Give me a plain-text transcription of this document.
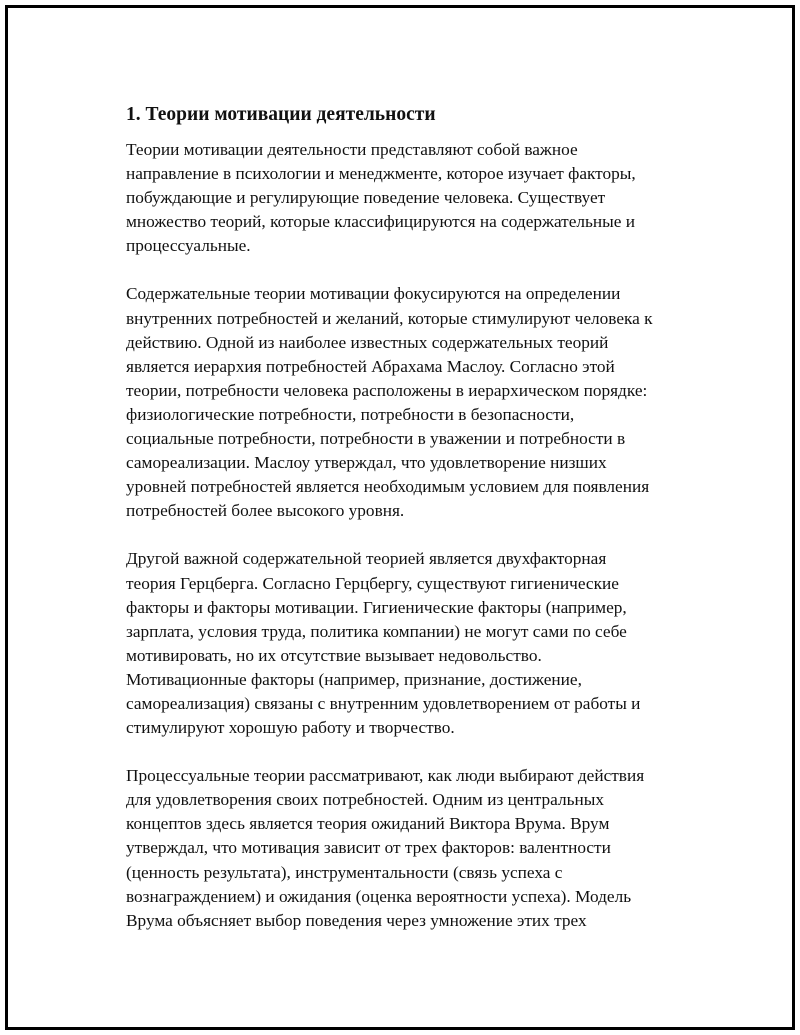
1. Теории мотивации деятельности

Теории мотивации деятельности представляют собой важное
направление в психологии и менеджменте, которое изучает факторы,
побуждающие и регулирующие поведение человека. Существует
множество теорий, которые классифицируются на содержательные и
процессуальные.

Содержательные теории мотивации фокусируются на определении
внутренних потребностей и желаний, которые стимулируют человека к
действию. Одной из наиболее известных содержательных теорий
является иерархия потребностей Абрахама Маслоу. Согласно этой
теории, потребности человека расположены в иерархическом порядке:
физиологические потребности, потребности в безопасности,
социальные потребности, потребности в уважении и потребности в
самореализации. Маслоу утверждал, что удовлетворение низших
уровней потребностей является необходимым условием для появления
потребностей более высокого уровня.

Другой важной содержательной теорией является двухфакторная
теория Герцберга. Согласно Герцбергу, существуют гигиенические
факторы и факторы мотивации. Гигиенические факторы (например,
зарплата, условия труда, политика компании) не могут сами по себе
мотивировать, но их отсутствие вызывает недовольство.
Мотивационные факторы (например, признание, достижение,
самореализация) связаны с внутренним удовлетворением от работы и
стимулируют хорошую работу и творчество.

Процессуальные теории рассматривают, как люди выбирают действия
для удовлетворения своих потребностей. Одним из центральных
концептов здесь является теория ожиданий Виктора Врума. Врум
утверждал, что мотивация зависит от трех факторов: валентности
(ценность результата), инструментальности (связь успеха с
вознаграждением) и ожидания (оценка вероятности успеха). Модель
Врума объясняет выбор поведения через умножение этих трех
